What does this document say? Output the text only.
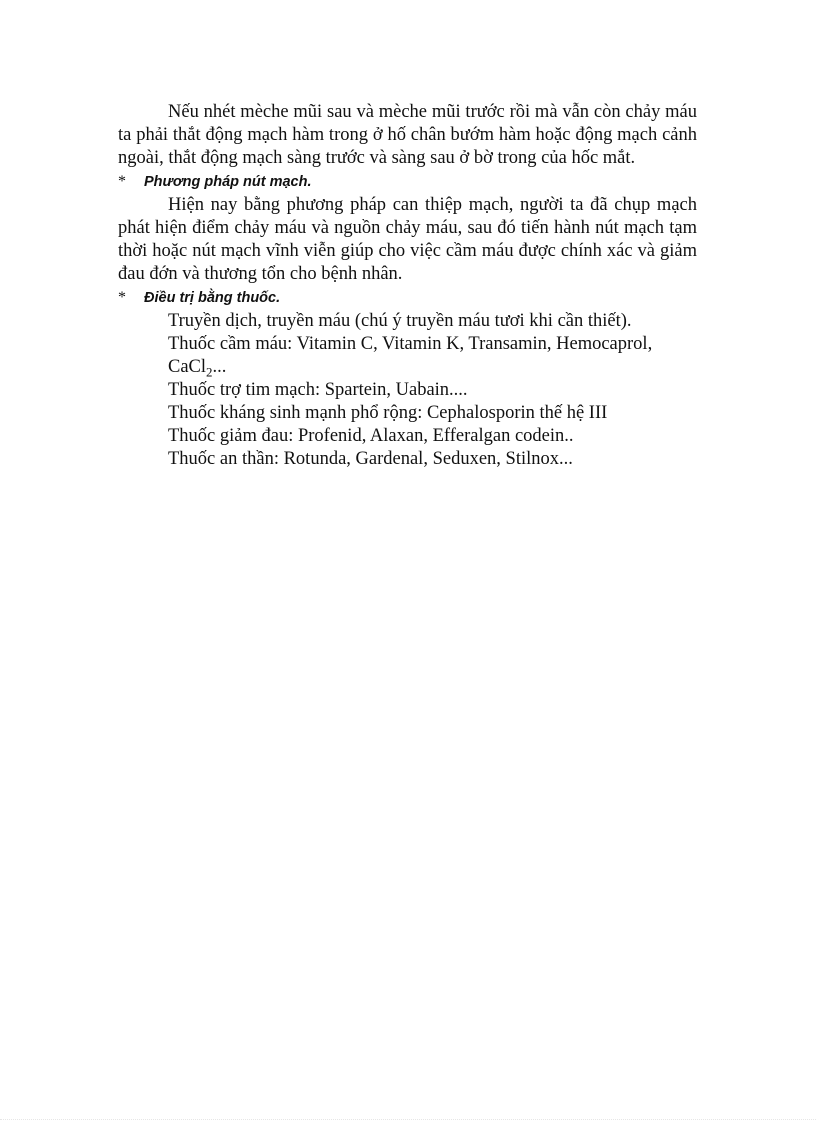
Nếu nhét mèche mũi sau và mèche mũi trước rồi mà vẫn còn chảy máu ta phải thắt động mạch hàm trong ở hố chân bướm hàm hoặc động mạch cảnh ngoài, thắt động mạch sàng trước và sàng sau ở bờ trong của hốc mắt.

* Phương pháp nút mạch.

Hiện nay bằng phương pháp can thiệp mạch, người ta đã chụp mạch phát hiện điểm chảy máu và nguồn chảy máu, sau đó tiến hành nút mạch tạm thời hoặc nút mạch vĩnh viễn giúp cho việc cầm máu được chính xác và giảm đau đớn và thương tổn cho bệnh nhân.

* Điều trị bằng thuốc.

Truyền dịch, truyền máu (chú ý truyền máu tươi khi cần thiết).
Thuốc cầm máu: Vitamin C, Vitamin K, Transamin, Hemocaprol,
CaCl$_2$...
Thuốc trợ tim mạch: Spartein, Uabain....
Thuốc kháng sinh mạnh phổ rộng: Cephalosporin thế hệ III
Thuốc giảm đau: Profenid, Alaxan, Efferalgan codein..
Thuốc an thần: Rotunda, Gardenal, Seduxen, Stilnox...
